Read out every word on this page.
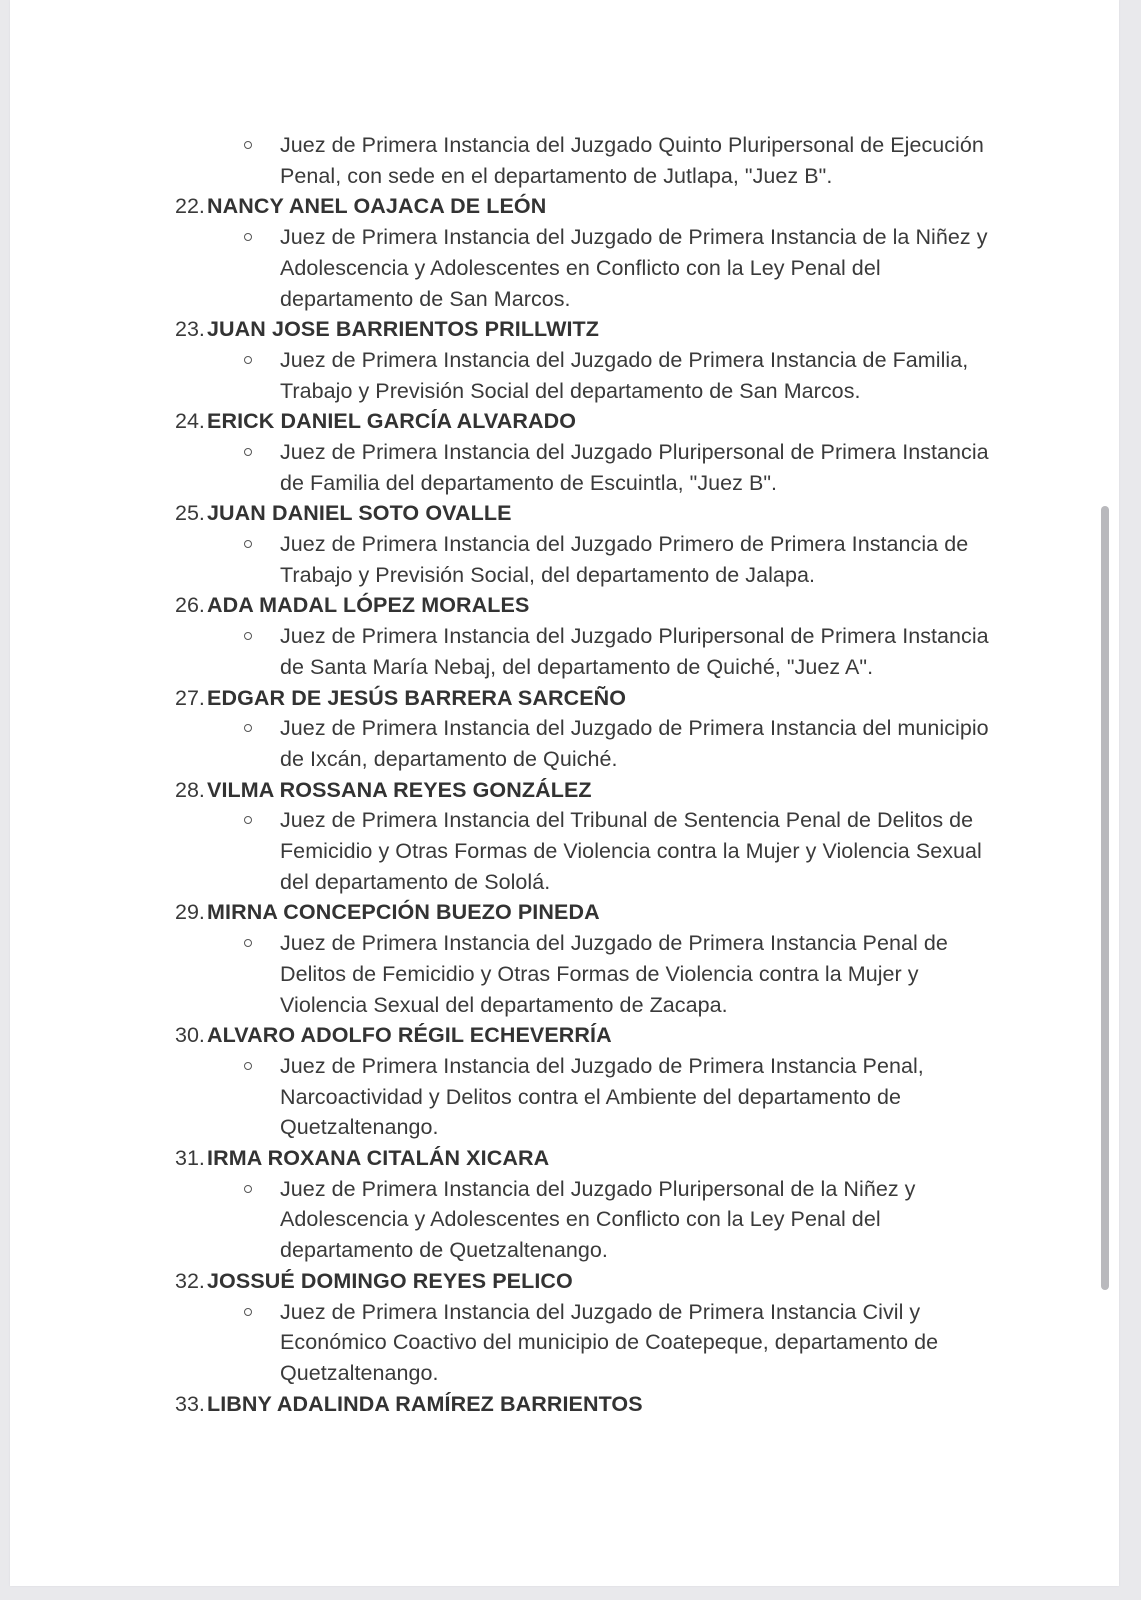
Juez de Primera Instancia del Juzgado Quinto Pluripersonal de Ejecución Penal, con sede en el departamento de Jutlapa, "Juez B".

22. NANCY ANEL OAJACA DE LEÓN

Juez de Primera Instancia del Juzgado de Primera Instancia de la Niñez y Adolescencia y Adolescentes en Conflicto con la Ley Penal del departamento de San Marcos.

23. JUAN JOSE BARRIENTOS PRILLWITZ

Juez de Primera Instancia del Juzgado de Primera Instancia de Familia, Trabajo y Previsión Social del departamento de San Marcos.

24. ERICK DANIEL GARCÍA ALVARADO

Juez de Primera Instancia del Juzgado Pluripersonal de Primera Instancia de Familia del departamento de Escuintla, "Juez B".

25. JUAN DANIEL SOTO OVALLE

Juez de Primera Instancia del Juzgado Primero de Primera Instancia de Trabajo y Previsión Social, del departamento de Jalapa.

26. ADA MADAL LÓPEZ MORALES

Juez de Primera Instancia del Juzgado Pluripersonal de Primera Instancia de Santa María Nebaj, del departamento de Quiché, "Juez A".

27. EDGAR DE JESÚS BARRERA SARCEÑO

Juez de Primera Instancia del Juzgado de Primera Instancia del municipio de Ixcán, departamento de Quiché.

28. VILMA ROSSANA REYES GONZÁLEZ

Juez de Primera Instancia del Tribunal de Sentencia Penal de Delitos de Femicidio y Otras Formas de Violencia contra la Mujer y Violencia Sexual del departamento de Sololá.

29. MIRNA CONCEPCIÓN BUEZO PINEDA

Juez de Primera Instancia del Juzgado de Primera Instancia Penal de Delitos de Femicidio y Otras Formas de Violencia contra la Mujer y Violencia Sexual del departamento de Zacapa.

30. ALVARO ADOLFO RÉGIL ECHEVERRÍA

Juez de Primera Instancia del Juzgado de Primera Instancia Penal, Narcoactividad y Delitos contra el Ambiente del departamento de Quetzaltenango.

31. IRMA ROXANA CITALÁN XICARA

Juez de Primera Instancia del Juzgado Pluripersonal de la Niñez y Adolescencia y Adolescentes en Conflicto con la Ley Penal del departamento de Quetzaltenango.

32. JOSSUÉ DOMINGO REYES PELICO

Juez de Primera Instancia del Juzgado de Primera Instancia Civil y Económico Coactivo del municipio de Coatepeque, departamento de Quetzaltenango.

33. LIBNY ADALINDA RAMÍREZ BARRIENTOS
